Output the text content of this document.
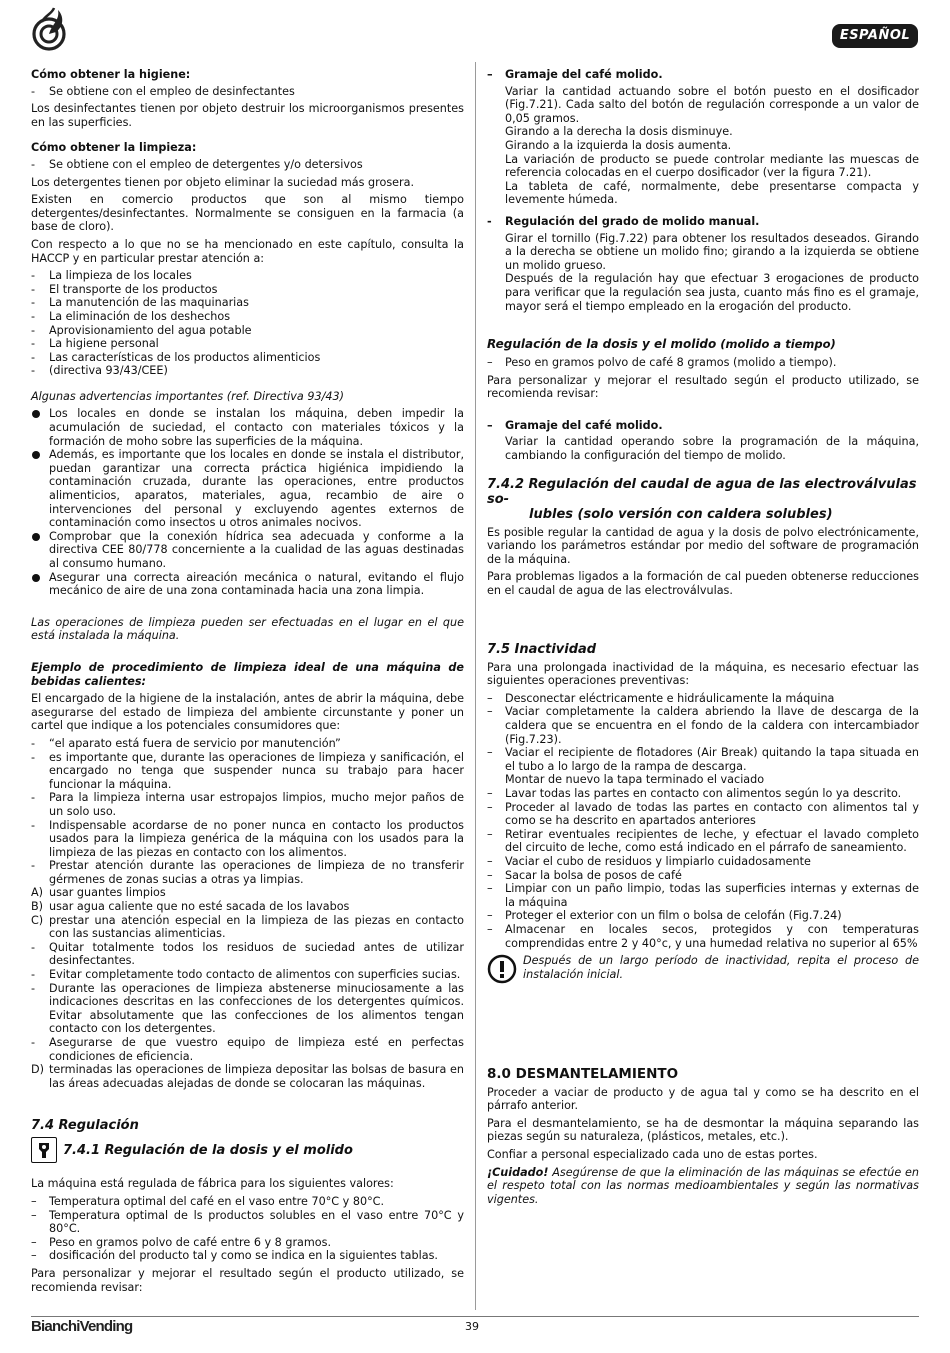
ESPAÑOL

Cómo obtener la higiene:

- Se obtiene con el empleo de desinfectantes

Los desinfectantes tienen por objeto destruir los microorganismos presentes en las superficies.

Cómo obtener la limpieza:

- Se obtiene con el empleo de detergentes y/o detersivos

Los detergentes tienen por objeto eliminar la suciedad más grosera.

Existen en comercio productos que son al mismo tiempo detergentes/desinfectantes. Normalmente se consiguen en la farmacia (a base de cloro).

Con respecto a lo que no se ha mencionado en este capítulo, consulta la HACCP y en particular prestar atención a:

- La limpieza de los locales
- El transporte de los productos
- La manutención de las maquinarias
- La eliminación de los deshechos
- Aprovisionamiento del agua potable
- La higiene personal
- Las características de los productos alimenticios
- (directiva 93/43/CEE)

Algunas advertencias importantes (ref. Directiva 93/43)

Los locales en donde se instalan los máquina, deben impedir la acumulación de suciedad, el contacto con materiales tóxicos y la formación de moho sobre las superficies de la máquina.
Además, es importante que los locales en donde se instala el distributor, puedan garantizar una correcta práctica higiénica impidiendo la contaminación cruzada, durante las operaciones, entre productos alimenticios, aparatos, materiales, agua, recambio de aire o intervenciones del personal y excluyendo agentes externos de contaminación como insectos u otros animales nocivos.
Comprobar que la conexión hídrica sea adecuada y conforme a la directiva CEE 80/778 concerniente a la cualidad de las aguas destinadas al consumo humano.
Asegurar una correcta aireación mecánica o natural, evitando el flujo mecánico de aire de una zona contaminada hacia una zona limpia.

Las operaciones de limpieza pueden ser efectuadas en el lugar en el que está instalada la máquina.

Ejemplo de procedimiento de limpieza ideal de una máquina de bebidas calientes:

El encargado de la higiene de la instalación, antes de abrir la máquina, debe asegurarse del estado de limpieza del ambiente circunstante y poner un cartel que indique a los potenciales consumidores que:

- “el aparato está fuera de servicio por manutención”
- es importante que, durante las operaciones de limpieza y sanificación, el encargado no tenga que suspender nunca su trabajo para hacer funcionar la máquina.
- Para la limpieza interna usar estropajos limpios, mucho mejor paños de un solo uso.
- Indispensable acordarse de no poner nunca en contacto los productos usados para la limpieza genérica de la máquina con los usados para la limpieza de las piezas en contacto con los alimentos.
- Prestar atención durante las operaciones de limpieza de no transferir gérmenes de zonas sucias a otras ya limpias.
A) usar guantes limpios
B) usar agua caliente que no esté sacada de los lavabos
C) prestar una atención especial en la limpieza de las piezas en contacto con las sustancias alimenticias.
- Quitar totalmente todos los residuos de suciedad antes de utilizar desinfectantes.
- Evitar completamente todo contacto de alimentos con superficies sucias.
- Durante las operaciones de limpieza abstenerse minuciosamente a las indicaciones descritas en las confecciones de los detergentes químicos. Evitar absolutamente que las confecciones de los alimentos tengan contacto con los detergentes.
- Asegurarse de que vuestro equipo de limpieza esté en perfectas condiciones de eficiencia.
D) terminadas las operaciones de limpieza depositar las bolsas de basura en las áreas adecuadas alejadas de donde se colocaran las máquinas.
7.4 Regulación
7.4.1 Regulación de la dosis y el molido

La máquina está regulada de fábrica para los siguientes valores:

– Temperatura optimal del café en el vaso entre 70°C y 80°C.
– Temperatura optimal de ls productos solubles en el vaso entre 70°C y 80°C.
– Peso en gramos polvo de café entre 6 y 8 gramos.
– dosificación del producto tal y como se indica en la siguientes tablas.

Para personalizar y mejorar el resultado según el producto utilizado, se recomienda revisar:

– Gramaje del café molido.

Variar la cantidad actuando sobre el botón puesto en el dosificador (Fig.7.21). Cada salto del botón de regulación corresponde a un valor de 0,05 gramos.

Girando a la derecha la dosis disminuye.

Girando a la izquierda la dosis aumenta.

La variación de producto se puede controlar mediante las muescas de referencia colocadas en el cuerpo dosificador (ver la figura 7.21).

La tableta de café, normalmente, debe presentarse compacta y levemente húmeda.

- Regulación del grado de molido manual.

Girar el tornillo (Fig.7.22) para obtener los resultados deseados. Girando a la derecha se obtiene un molido fino; girando a la izquierda se obtiene un molido grueso.

Después de la regulación hay que efectuar 3 erogaciones de producto para verificar que la regulación sea justa, cuanto más fino es el gramaje, mayor será el tiempo empleado en la erogación del producto.

Regulación de la dosis y el molido (molido a tiempo)
– Peso en gramos polvo de café 8 gramos (molido a tiempo).

Para personalizar y mejorar el resultado según el producto utilizado, se recomienda revisar:

– Gramaje del café molido.

Variar la cantidad operando sobre la programación de la máquina, cambiando la configuración del tiempo de molido.

7.4.2 Regulación del caudal de agua de las electroválvulas so-
lubles (solo versión con caldera solubles)

Es posible regular la cantidad de agua y la dosis de polvo electrónicamente, variando los parámetros estándar por medio del software de programación de la máquina.

Para problemas ligados a la formación de cal pueden obtenerse reducciones en el caudal de agua de las electroválvulas.

7.5 Inactividad

Para una prolongada inactividad de la máquina, es necesario efectuar las siguientes operaciones preventivas:

– Desconectar eléctricamente e hidráulicamente la máquina
– Vaciar completamente la caldera abriendo la llave de descarga de la caldera que se encuentra en el fondo de la caldera con intercambiador (Fig.7.23).
– Vaciar el recipiente de flotadores (Air Break) quitando la tapa situada en el tubo a lo largo de la rampa de descarga.
Montar de nuevo la tapa terminado el vaciado
– Lavar todas las partes en contacto con alimentos según lo ya descrito.
– Proceder al lavado de todas las partes en contacto con alimentos tal y como se ha descrito en apartados anteriores
– Retirar eventuales recipientes de leche, y efectuar el lavado completo del circuito de leche, como está indicado en el párrafo de saneamiento.
– Vaciar el cubo de residuos y limpiarlo cuidadosamente
– Sacar la bolsa de posos de café
– Limpiar con un paño limpio, todas las superficies internas y externas de la máquina
– Proteger el exterior con un film o bolsa de celofán (Fig.7.24)
– Almacenar en locales secos, protegidos y con temperaturas comprendidas entre 2 y 40°c, y una humedad relativa no superior al 65%

Después de un largo período de inactividad, repita el proceso de instalación inicial.

8.0 DESMANTELAMIENTO

Proceder a vaciar de producto y de agua tal y como se ha descrito en el párrafo anterior.

Para el desmantelamiento, se ha de desmontar la máquina separando las piezas según su naturaleza, (plásticos, metales, etc.).

Confiar a personal especializado cada uno de estas portes.

¡Cuidado! Asegúrense de que la eliminación de las máquinas se efectúe en el respeto total con las normas medioambientales y según las normativas vigentes.

BianchiVending	39
